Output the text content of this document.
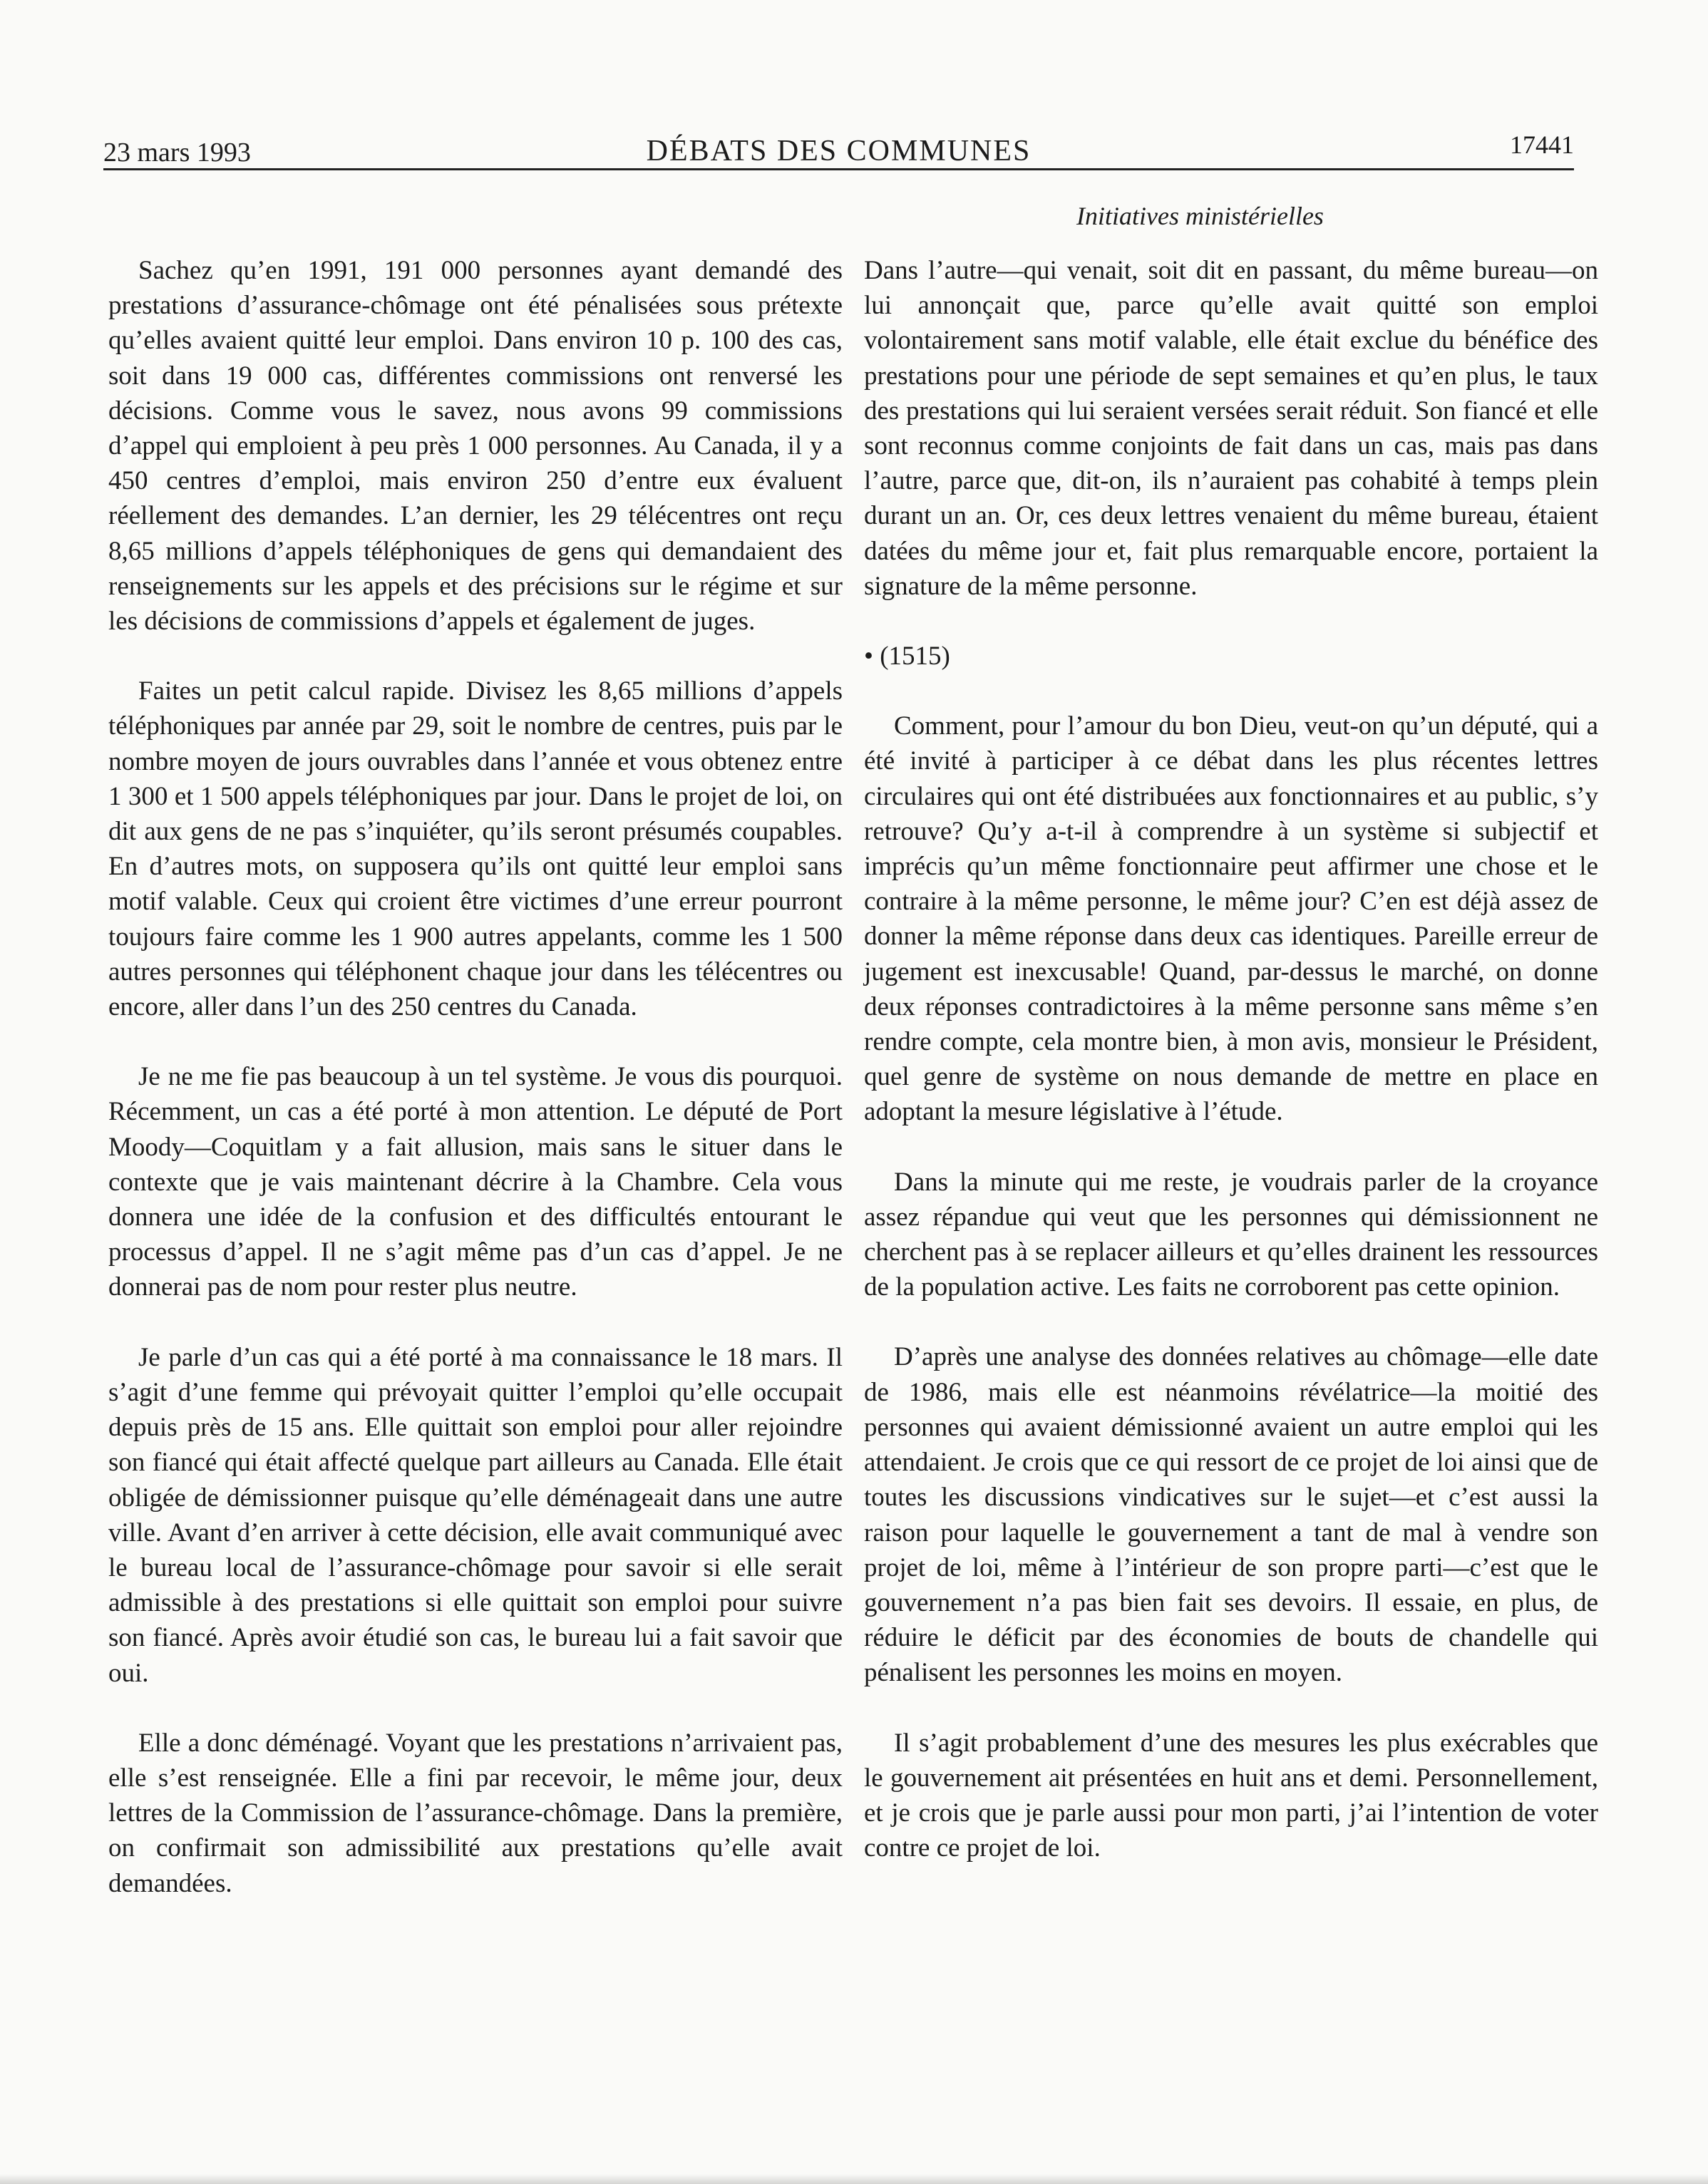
23 mars 1993	DÉBATS DES COMMUNES	17441
Initiatives ministérielles

Sachez qu’en 1991, 191 000 personnes ayant demandé des prestations d’assurance-chômage ont été pénalisées sous prétexte qu’elles avaient quitté leur emploi. Dans environ 10 p. 100 des cas, soit dans 19 000 cas, différentes commissions ont renversé les décisions. Comme vous le savez, nous avons 99 commissions d’appel qui emploient à peu près 1 000 personnes. Au Canada, il y a 450 centres d’emploi, mais environ 250 d’entre eux évaluent réellement des demandes. L’an dernier, les 29 télécentres ont reçu 8,65 millions d’appels téléphoniques de gens qui demandaient des renseignements sur les appels et des précisions sur le régime et sur les décisions de commissions d’appels et également de juges.

Faites un petit calcul rapide. Divisez les 8,65 millions d’appels téléphoniques par année par 29, soit le nombre de centres, puis par le nombre moyen de jours ouvrables dans l’année et vous obtenez entre 1 300 et 1 500 appels téléphoniques par jour. Dans le projet de loi, on dit aux gens de ne pas s’inquiéter, qu’ils seront présumés coupables. En d’autres mots, on supposera qu’ils ont quitté leur emploi sans motif valable. Ceux qui croient être victimes d’une erreur pourront toujours faire comme les 1 900 autres appelants, comme les 1 500 autres personnes qui téléphonent chaque jour dans les télécentres ou encore, aller dans l’un des 250 centres du Canada.

Je ne me fie pas beaucoup à un tel système. Je vous dis pourquoi. Récemment, un cas a été porté à mon attention. Le député de Port Moody—Coquitlam y a fait allusion, mais sans le situer dans le contexte que je vais maintenant décrire à la Chambre. Cela vous donnera une idée de la confusion et des difficultés entourant le processus d’appel. Il ne s’agit même pas d’un cas d’appel. Je ne donnerai pas de nom pour rester plus neutre.

Je parle d’un cas qui a été porté à ma connaissance le 18 mars. Il s’agit d’une femme qui prévoyait quitter l’emploi qu’elle occupait depuis près de 15 ans. Elle quittait son emploi pour aller rejoindre son fiancé qui était affecté quelque part ailleurs au Canada. Elle était obligée de démissionner puisque qu’elle déménageait dans une autre ville. Avant d’en arriver à cette décision, elle avait communiqué avec le bureau local de l’assurance-chômage pour savoir si elle serait admissible à des prestations si elle quittait son emploi pour suivre son fiancé. Après avoir étudié son cas, le bureau lui a fait savoir que oui.

Elle a donc déménagé. Voyant que les prestations n’arrivaient pas, elle s’est renseignée. Elle a fini par recevoir, le même jour, deux lettres de la Commission de l’assurance-chômage. Dans la première, on confirmait son admissibilité aux prestations qu’elle avait demandées.

Dans l’autre—qui venait, soit dit en passant, du même bureau—on lui annonçait que, parce qu’elle avait quitté son emploi volontairement sans motif valable, elle était exclue du bénéfice des prestations pour une période de sept semaines et qu’en plus, le taux des prestations qui lui seraient versées serait réduit. Son fiancé et elle sont reconnus comme conjoints de fait dans un cas, mais pas dans l’autre, parce que, dit-on, ils n’auraient pas cohabité à temps plein durant un an. Or, ces deux lettres venaient du même bureau, étaient datées du même jour et, fait plus remarquable encore, portaient la signature de la même personne.

• (1515)

Comment, pour l’amour du bon Dieu, veut-on qu’un député, qui a été invité à participer à ce débat dans les plus récentes lettres circulaires qui ont été distribuées aux fonctionnaires et au public, s’y retrouve? Qu’y a-t-il à comprendre à un système si subjectif et imprécis qu’un même fonctionnaire peut affirmer une chose et le contraire à la même personne, le même jour? C’en est déjà assez de donner la même réponse dans deux cas identiques. Pareille erreur de jugement est inexcusable! Quand, par-dessus le marché, on donne deux réponses contradictoires à la même personne sans même s’en rendre compte, cela montre bien, à mon avis, monsieur le Président, quel genre de système on nous demande de mettre en place en adoptant la mesure législative à l’étude.

Dans la minute qui me reste, je voudrais parler de la croyance assez répandue qui veut que les personnes qui démissionnent ne cherchent pas à se replacer ailleurs et qu’elles drainent les ressources de la population active. Les faits ne corroborent pas cette opinion.

D’après une analyse des données relatives au chômage—elle date de 1986, mais elle est néanmoins révélatrice—la moitié des personnes qui avaient démissionné avaient un autre emploi qui les attendaient. Je crois que ce qui ressort de ce projet de loi ainsi que de toutes les discussions vindicatives sur le sujet—et c’est aussi la raison pour laquelle le gouvernement a tant de mal à vendre son projet de loi, même à l’intérieur de son propre parti—c’est que le gouvernement n’a pas bien fait ses devoirs. Il essaie, en plus, de réduire le déficit par des économies de bouts de chandelle qui pénalisent les personnes les moins en moyen.

Il s’agit probablement d’une des mesures les plus exécrables que le gouvernement ait présentées en huit ans et demi. Personnellement, et je crois que je parle aussi pour mon parti, j’ai l’intention de voter contre ce projet de loi.
